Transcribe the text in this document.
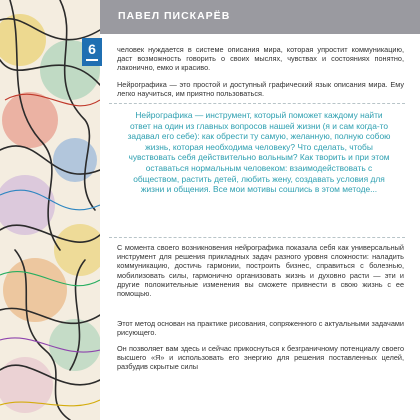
ПАВЕЛ ПИСКАРЁВ
6	человек нуждается в системе описания мира, которая упростит коммуникацию, даст возможность говорить о своих мыслях, чувствах и состояниях понятно, лаконично, емко и красиво.

Нейрографика — это простой и доступный графический язык описания мира. Ему легко научиться, им приятно пользоваться.

Нейрографика — инструмент, который поможет каждому найти ответ на один из главных вопросов нашей жизни (я и сам когда-то задавал его себе): как обрести ту самую, желанную, полную собою жизнь, которая необходима человеку? Что сделать, чтобы чувствовать себя действительно вольным? Как творить и при этом оставаться нормальным человеком: взаимодействовать с обществом, растить детей, любить жену, создавать условия для жизни и общения. Все мои мотивы сошлись в этом методе...

С момента своего возникновения нейрографика показала себя как универсальный инструмент для решения прикладных задач разного уровня сложности: наладить коммуникацию, достичь гармонии, построить бизнес, справиться с болезнью, мобилизовать силы, гармонично организовать жизнь и духовно расти — эти и другие положительные изменения вы сможете привнести в свою жизнь с ее помощью.

Этот метод основан на практике рисования, сопряженного с актуальными задачами рисующего.

Он позволяет вам здесь и сейчас прикоснуться к безграничному потенциалу своего высшего «Я» и использовать его энергию для решения поставленных целей, разбудив скрытые силы
